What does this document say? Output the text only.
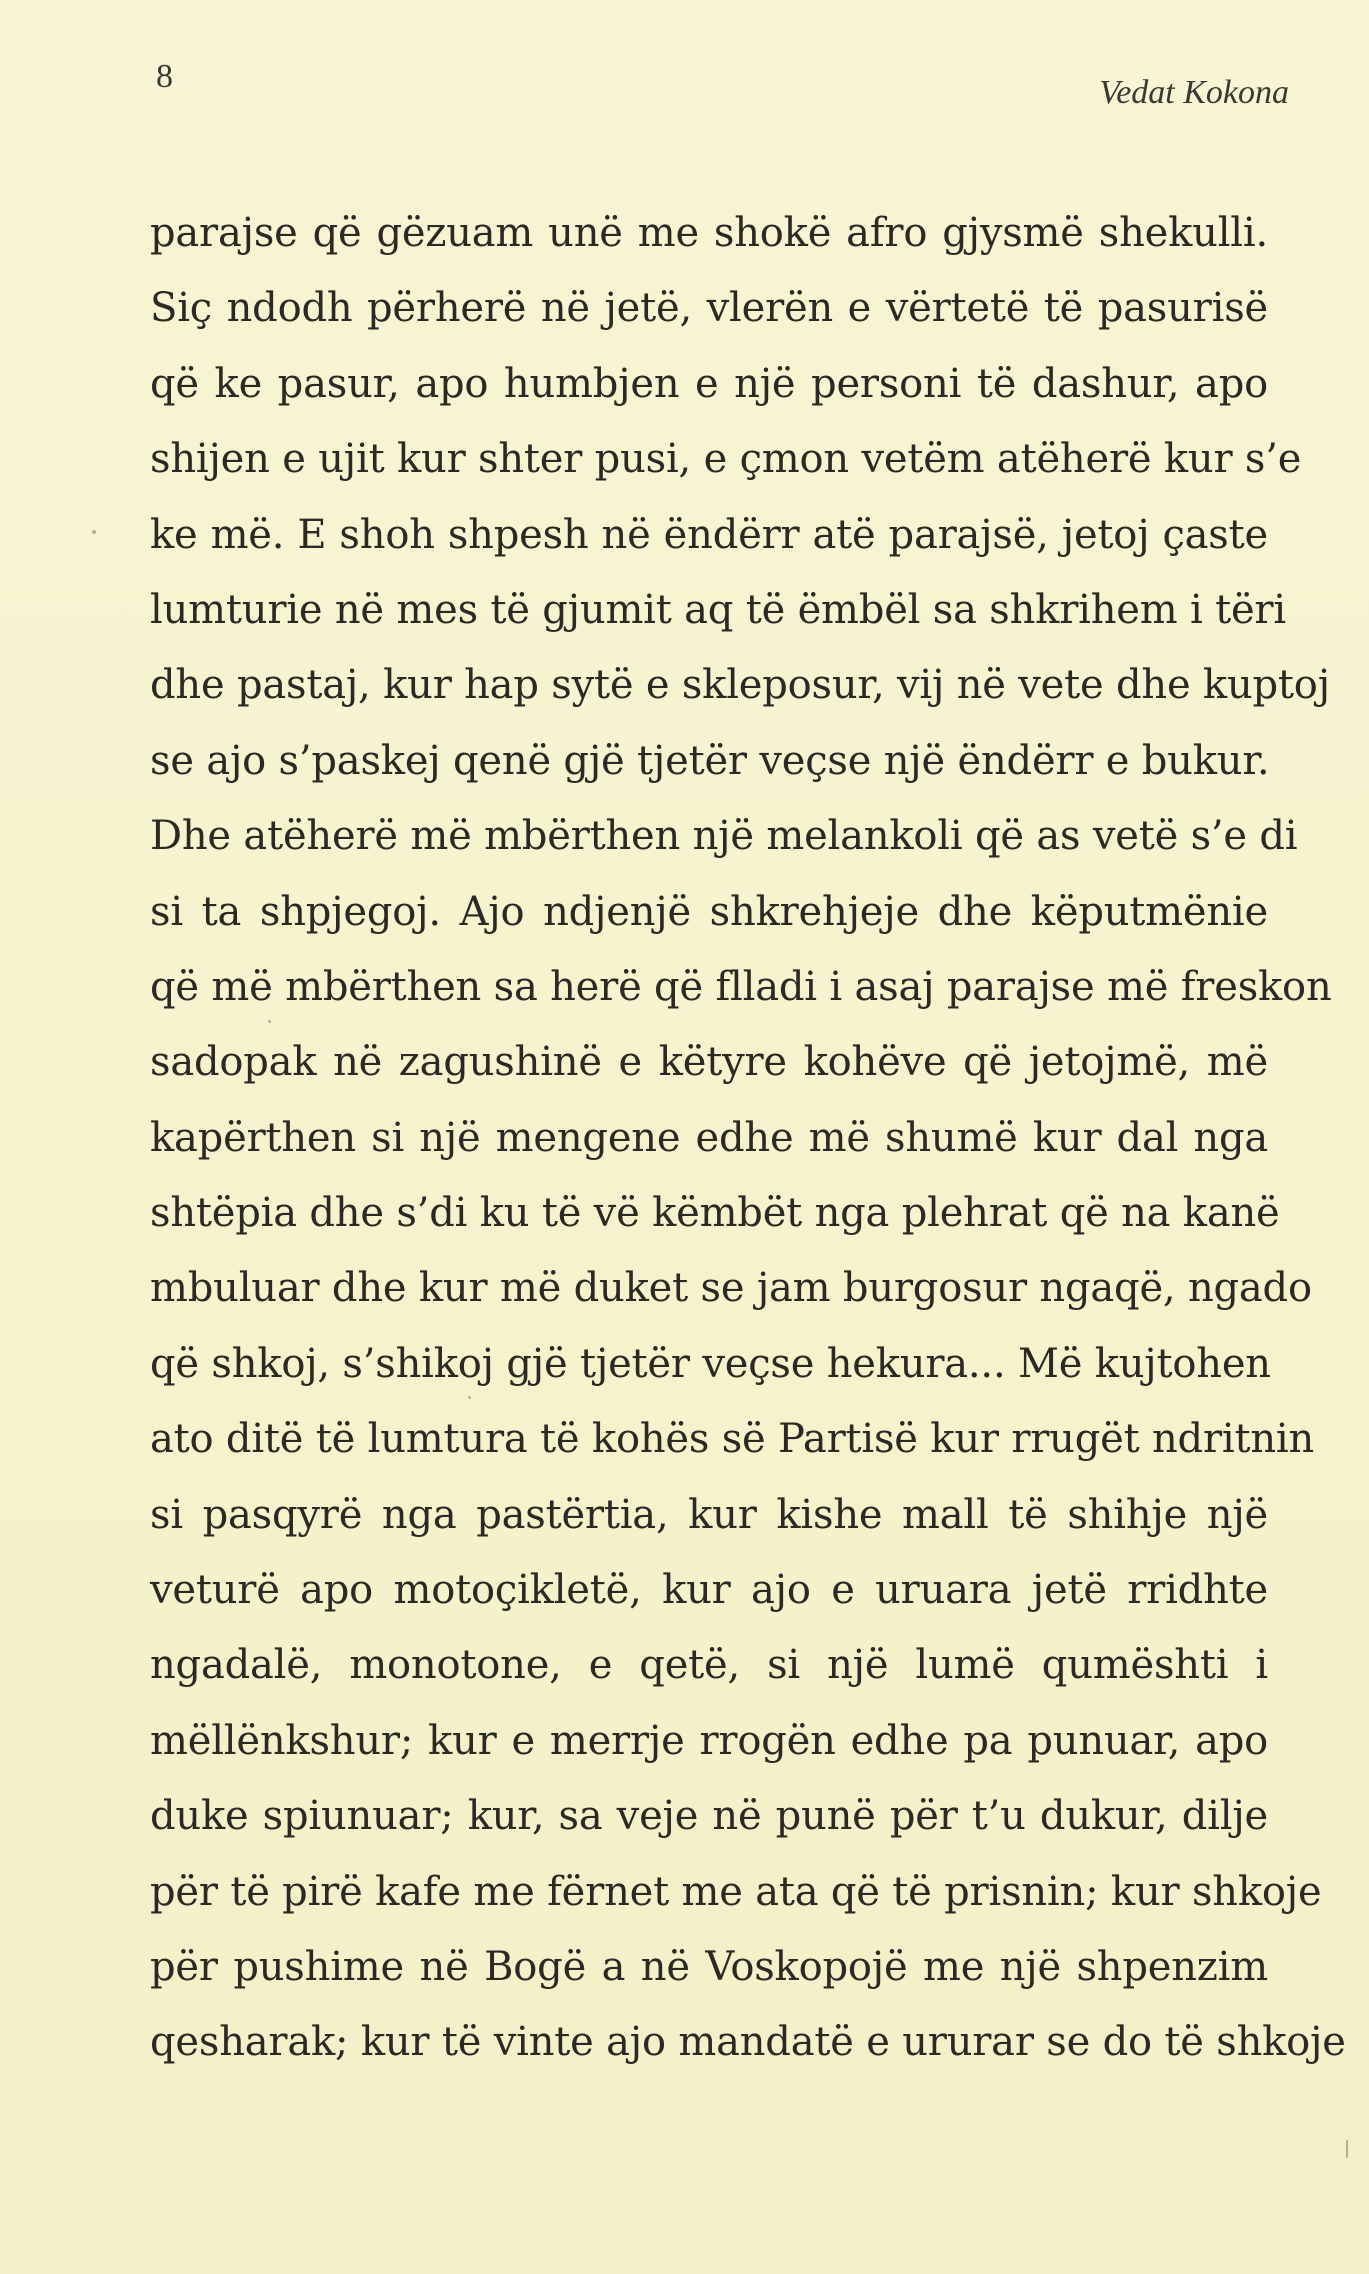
8	Vedat Kokona
parajse që gëzuam unë me shokë afro gjysmë shekulli.
Siç ndodh përherë në jetë, vlerën e vërtetë të pasurisë
që ke pasur, apo humbjen e një personi të dashur, apo
shijen e ujit kur shter pusi, e çmon vetëm atëherë kur s’e
ke më. E shoh shpesh në ëndërr atë parajsë, jetoj çaste
lumturie në mes të gjumit aq të ëmbël sa shkrihem i tëri
dhe pastaj, kur hap sytë e skleposur, vij në vete dhe kuptoj
se ajo s’paskej qenë gjë tjetër veçse një ëndërr e bukur.
Dhe atëherë më mbërthen një melankoli që as vetë s’e di
si ta shpjegoj. Ajo ndjenjë shkrehjeje dhe këputmënie
që më mbërthen sa herë që flladi i asaj parajse më freskon
sadopak në zagushinë e këtyre kohëve që jetojmë, më
kapërthen si një mengene edhe më shumë kur dal nga
shtëpia dhe s’di ku të vë këmbët nga plehrat që na kanë
mbuluar dhe kur më duket se jam burgosur ngaqë, ngado
që shkoj, s’shikoj gjë tjetër veçse hekura... Më kujtohen
ato ditë të lumtura të kohës së Partisë kur rrugët ndritnin
si pasqyrë nga pastërtia, kur kishe mall të shihje një
veturë apo motoçikletë, kur ajo e uruara jetë rridhte
ngadalë, monotone, e qetë, si një lumë qumështi i
mëllënkshur; kur e merrje rrogën edhe pa punuar, apo
duke spiunuar; kur, sa veje në punë për t’u dukur, dilje
për të pirë kafe me fërnet me ata që të prisnin; kur shkoje
për pushime në Bogë a në Voskopojë me një shpenzim
qesharak; kur të vinte ajo mandatë e ururar se do të shkoje
